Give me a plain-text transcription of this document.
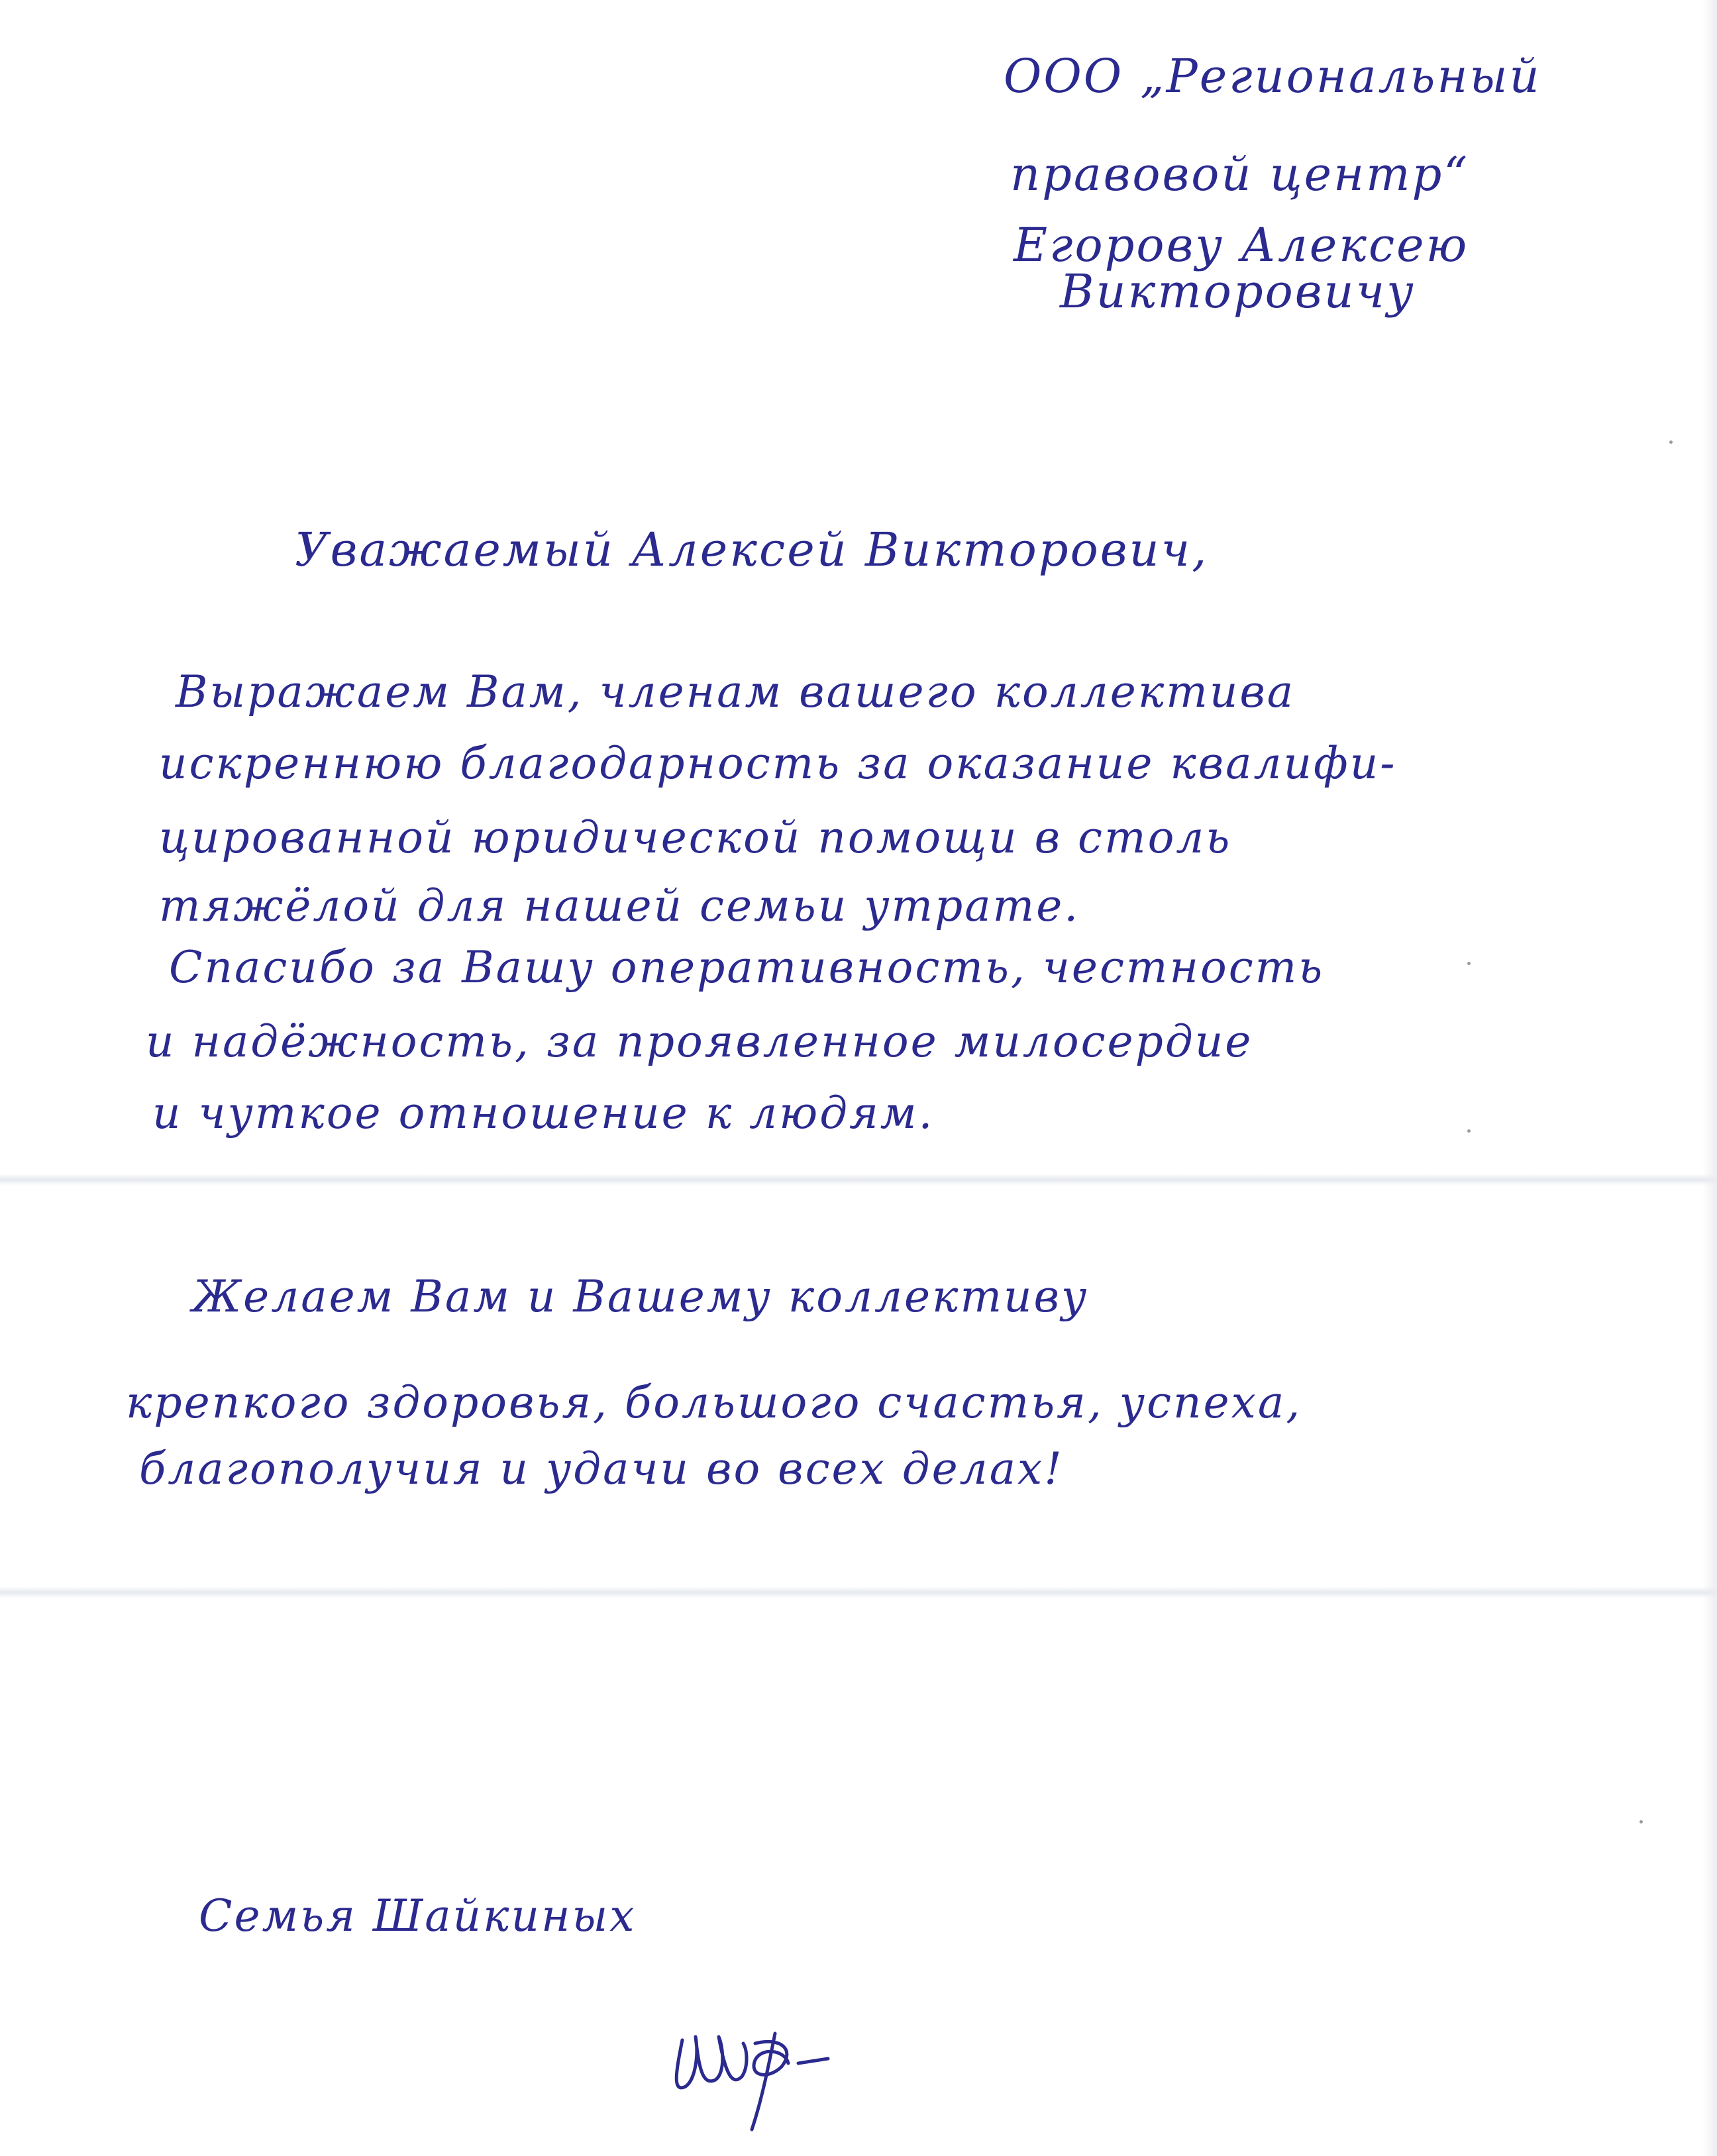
ООО „Региональный
правовой центр“
Егорову Алексею
Викторовичу
Уважаемый Алексей Викторович,
Выражаем Вам, членам вашего коллектива
искреннюю благодарность за оказание квалифи-
цированной юридической помощи в столь
тяжёлой для нашей семьи утрате.
Спасибо за Вашу оперативность, честность
и надёжность, за проявленное милосердие
и чуткое отношение к людям.
Желаем Вам и Вашему коллективу
крепкого здоровья, большого счастья, успеха,
благополучия и удачи во всех делах!
Семья Шайкиных
